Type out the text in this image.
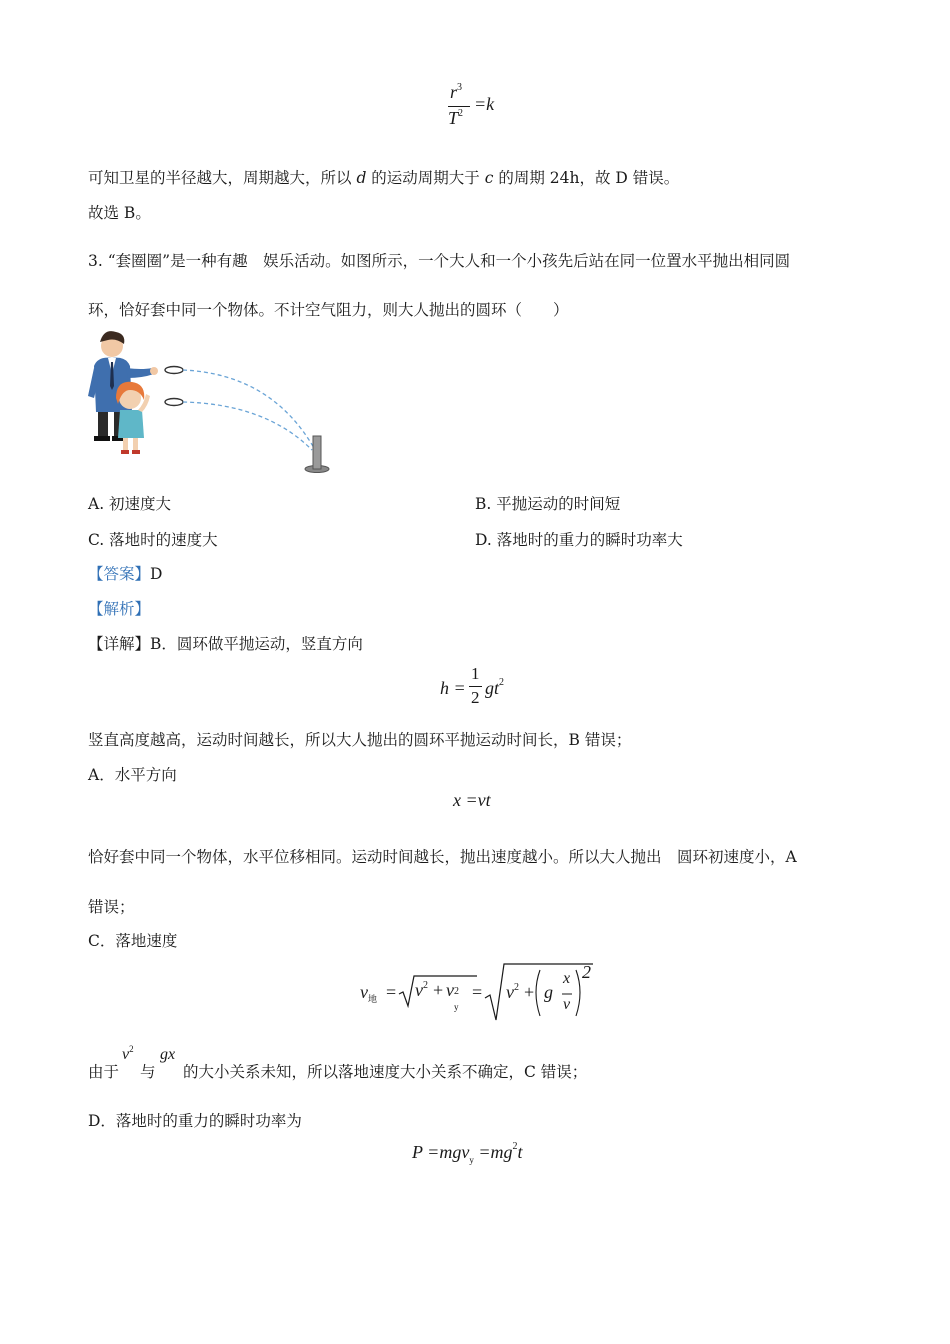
$r^3$
$T^2 =k$
可知卫星的半径越大，周期越大，所以 d 的运动周期大于 c 的周期 24h，故 D 错误。
故选 B。
3. “套圈圈”是一种有趣　娱乐活动。如图所示，一个大人和一个小孩先后站在同一位置水平抛出相同圆
环，恰好套中同一个物体。不计空气阻力，则大人抛出的圆环（　　）
A. 初速度大	B. 平抛运动的时间短
C. 落地时的速度大	D. 落地时的重力的瞬时功率大
【答案】D
【解析】
【详解】B．圆环做平抛运动，竖直方向
h =
1
2 $gt^2$
竖直高度越高，运动时间越长，所以大人抛出的圆环平抛运动时间长，B 错误；
A．水平方向
x =vt
恰好套中同一个物体，水平位移相同。运动时间越长，抛出速度越小。所以大人抛出　圆环初速度小，A
错误；
C．落地速度
$v_地 = v^2 + v$ 2
y
= $v^2 + g$
x
v
2
由于
$v^2$
与
gx
的大小关系未知，所以落地速度大小关系不确定，C 错误；
D．落地时的重力的瞬时功率为
$P =mgv_y =mg^2t$
